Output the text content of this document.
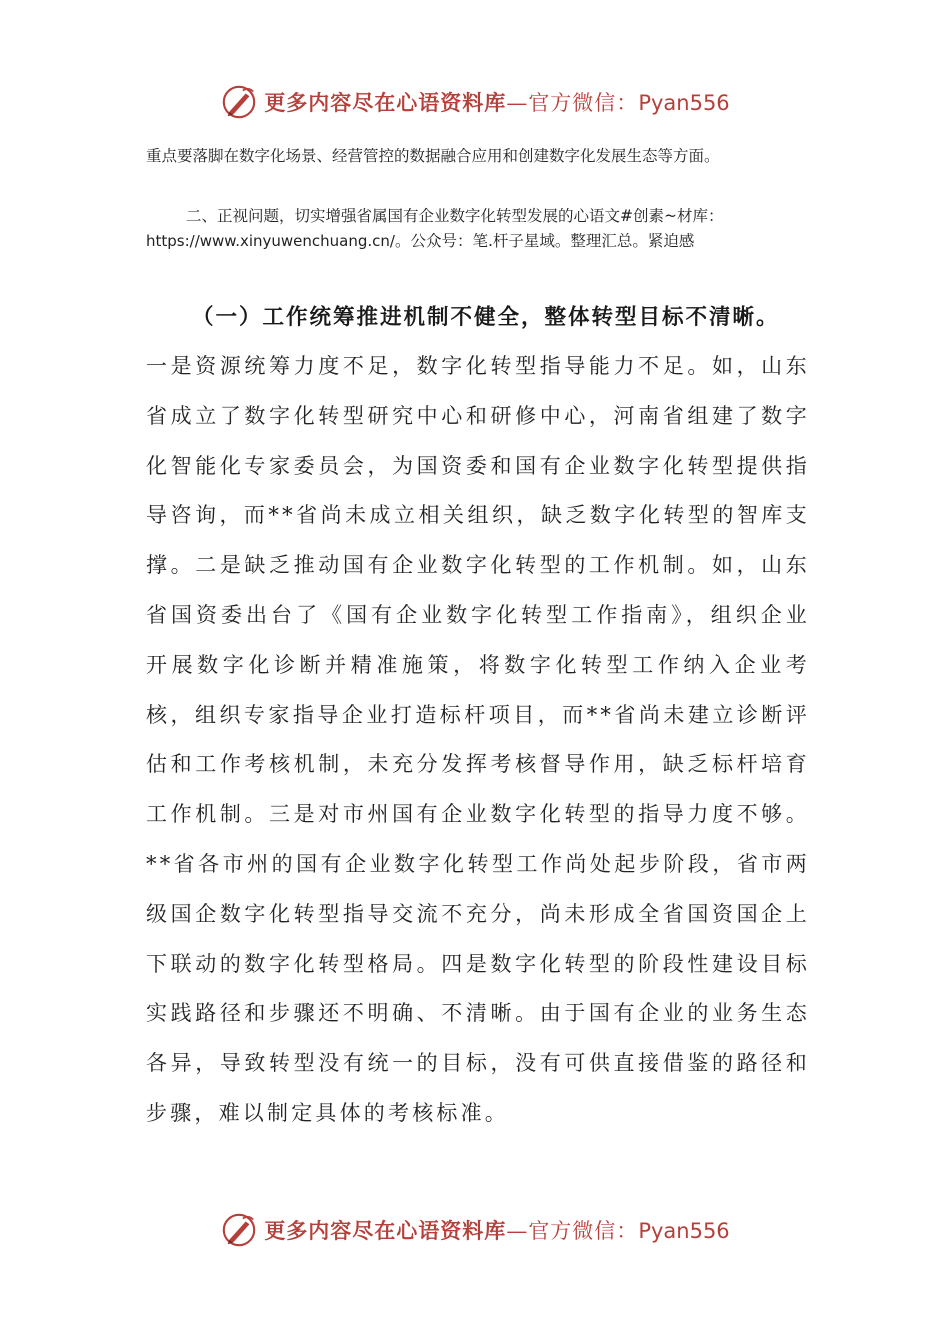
更多内容尽在心语资料库—官方微信：Pyan556
重点要落脚在数字化场景、经营管控的数据融合应用和创建数字化发展生态等方面。
二、正视问题，切实增强省属国有企业数字化转型发展的心语文#创素~材库：https://www.xinyuwenchuang.cn/。公众号：笔.杆子星域。整理汇总。紧迫感
（一）工作统筹推进机制不健全，整体转型目标不清晰。
一是资源统筹力度不足，数字化转型指导能力不足。如，山东省成立了数字化转型研究中心和研修中心，河南省组建了数字化智能化专家委员会，为国资委和国有企业数字化转型提供指导咨询，而**省尚未成立相关组织，缺乏数字化转型的智库支撑。二是缺乏推动国有企业数字化转型的工作机制。如，山东省国资委出台了《国有企业数字化转型工作指南》，组织企业开展数字化诊断并精准施策，将数字化转型工作纳入企业考核，组织专家指导企业打造标杆项目，而**省尚未建立诊断评估和工作考核机制，未充分发挥考核督导作用，缺乏标杆培育工作机制。三是对市州国有企业数字化转型的指导力度不够。**省各市州的国有企业数字化转型工作尚处起步阶段，省市两级国企数字化转型指导交流不充分，尚未形成全省国资国企上下联动的数字化转型格局。四是数字化转型的阶段性建设目标实践路径和步骤还不明确、不清晰。由于国有企业的业务生态各异，导致转型没有统一的目标，没有可供直接借鉴的路径和步骤，难以制定具体的考核标准。
更多内容尽在心语资料库—官方微信：Pyan556
